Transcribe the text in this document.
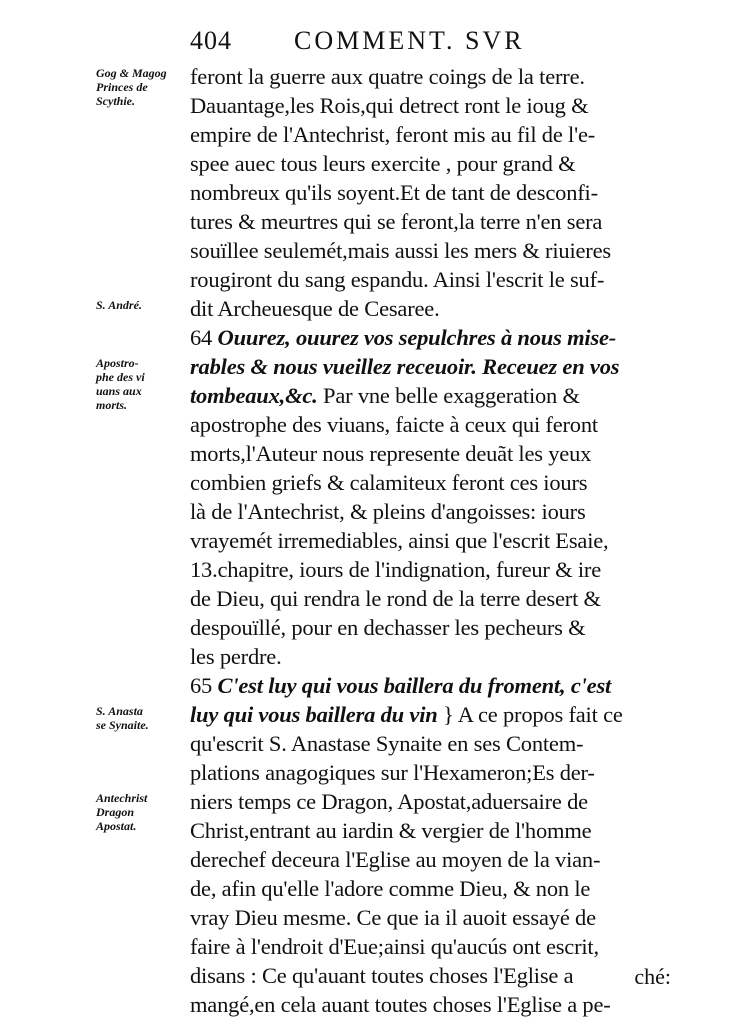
404 COMMENT. SVR
feront la guerre aux quatre coings de la terre.
Dauantage,les Rois,qui detrect ront le ioug &
empire de l'Antechrist, feront mis au fil de l'e-
spee auec tous leurs exercite , pour grand &
nombreux qu'ils soyent.Et de tant de desconfi-
tures & meurtres qui se feront,la terre n'en sera
souïllee seulemét,mais aussi les mers & riuieres
rougiront du sang espandu. Ainsi l'escrit le suf-
dit Archeuesque de Cesaree.
64 Ouurez, ouurez vos sepulchres à nous mise-
rables & nous vueillez receuoir. Receuez en vos
tombeaux,&c. Par vne belle exaggeration &
apostrophe des viuans, faicte à ceux qui feront
morts,l'Auteur nous represente deuãt les yeux
combien griefs & calamiteux feront ces iours
là de l'Antechrist, & pleins d'angoisses: iours
vrayemét irremediables, ainsi que l'escrit Esaie,
13.chapitre, iours de l'indignation, fureur & ire
de Dieu, qui rendra le rond de la terre desert &
despouïllé, pour en dechasser les pecheurs &
les perdre.
65 C'est luy qui vous baillera du froment, c'est
luy qui vous baillera du vin } A ce propos fait ce
qu'escrit S. Anastase Synaite en ses Contem-
plations anagogiques sur l'Hexameron;Es der-
niers temps ce Dragon, Apostat,aduersaire de
Christ,entrant au iardin & vergier de l'homme
derechef deceura l'Eglise au moyen de la vian-
de, afin qu'elle l'adore comme Dieu, & non le
vray Dieu mesme. Ce que ia il auoit essayé de
faire à l'endroit d'Eue;ainsi qu'aucús ont escrit,
disans : Ce qu'auant toutes choses l'Eglise a
mangé,en cela auant toutes choses l'Eglise a pe-
Gog & Magog
Princes de
Scythie.
S. André.
Apostro-
phe des vi
uans aux
morts.
S. Anasta
se Synaite.
Antechrist
Dragon
Apostat.
ché:
